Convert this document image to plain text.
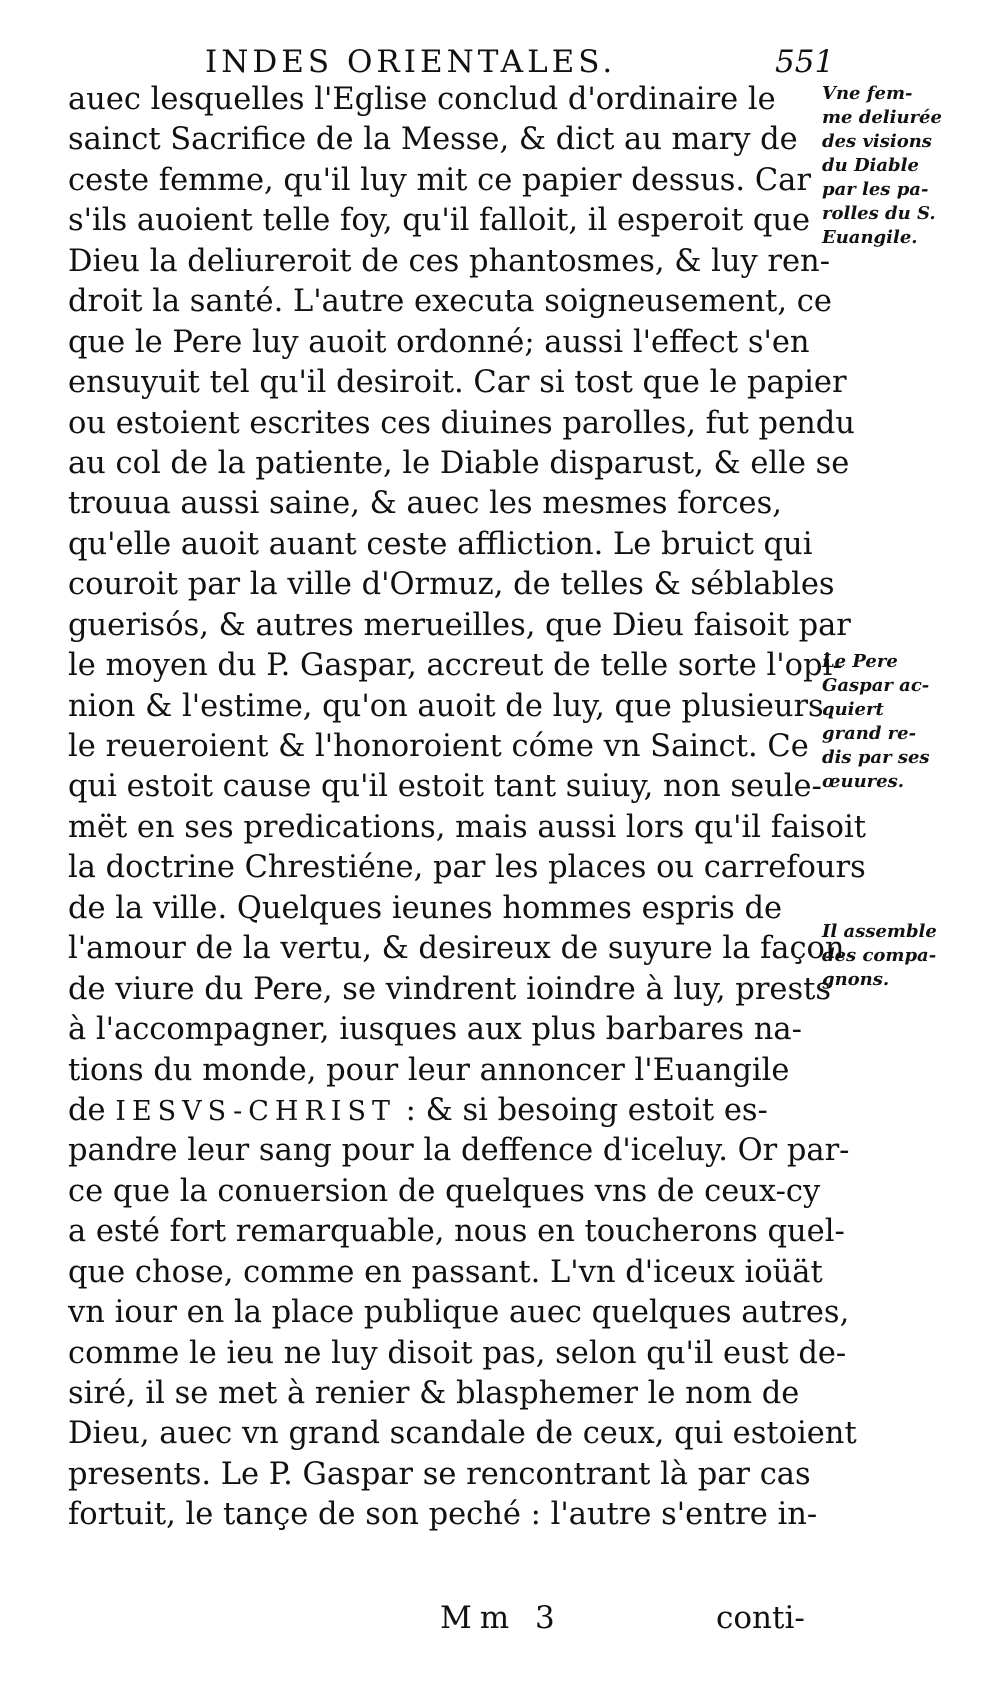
INDES ORIENTALES.	551
auec lesquelles l'Eglise conclud d'ordinaire le
sainct Sacrifice de la Messe, & dict au mary de
ceste femme, qu'il luy mit ce papier dessus. Car
s'ils auoient telle foy, qu'il falloit, il esperoit que
Dieu la deliureroit de ces phantosmes, & luy ren-
droit la santé. L'autre executa soigneusement, ce
que le Pere luy auoit ordonné; aussi l'effect s'en
ensuyuit tel qu'il desiroit. Car si tost que le papier
ou estoient escrites ces diuines parolles, fut pendu
au col de la patiente, le Diable disparust, & elle se
trouua aussi saine, & auec les mesmes forces,
qu'elle auoit auant ceste affliction. Le bruict qui
couroit par la ville d'Ormuz, de telles & séblables
guerisós, & autres merueilles, que Dieu faisoit par
le moyen du P. Gaspar, accreut de telle sorte l'opi-
nion & l'estime, qu'on auoit de luy, que plusieurs
le reueroient & l'honoroient cóme vn Sainct. Ce
qui estoit cause qu'il estoit tant suiuy, non seule-
mët en ses predications, mais aussi lors qu'il faisoit
la doctrine Chrestiéne, par les places ou carrefours
de la ville. Quelques ieunes hommes espris de
l'amour de la vertu, & desireux de suyure la façon
de viure du Pere, se vindrent ioindre à luy, prests
à l'accompagner, iusques aux plus barbares na-
tions du monde, pour leur annoncer l'Euangile
de IESVS-CHRIST : & si besoing estoit es-
pandre leur sang pour la deffence d'iceluy. Or par-
ce que la conuersion de quelques vns de ceux-cy
a esté fort remarquable, nous en toucherons quel-
que chose, comme en passant. L'vn d'iceux ioüät
vn iour en la place publique auec quelques autres,
comme le ieu ne luy disoit pas, selon qu'il eust de-
siré, il se met à renier & blasphemer le nom de
Dieu, auec vn grand scandale de ceux, qui estoient
presents. Le P. Gaspar se rencontrant là par cas
fortuit, le tançe de son peché : l'autre s'entre in-
Vne fem-
me deliurée
des visions
du Diable
par les pa-
rolles du S.
Euangile.
Le Pere
Gaspar ac-
quiert
grand re-
dis par ses
œuures.
Il assemble
des compa-
gnons.
Mm 3	conti-
